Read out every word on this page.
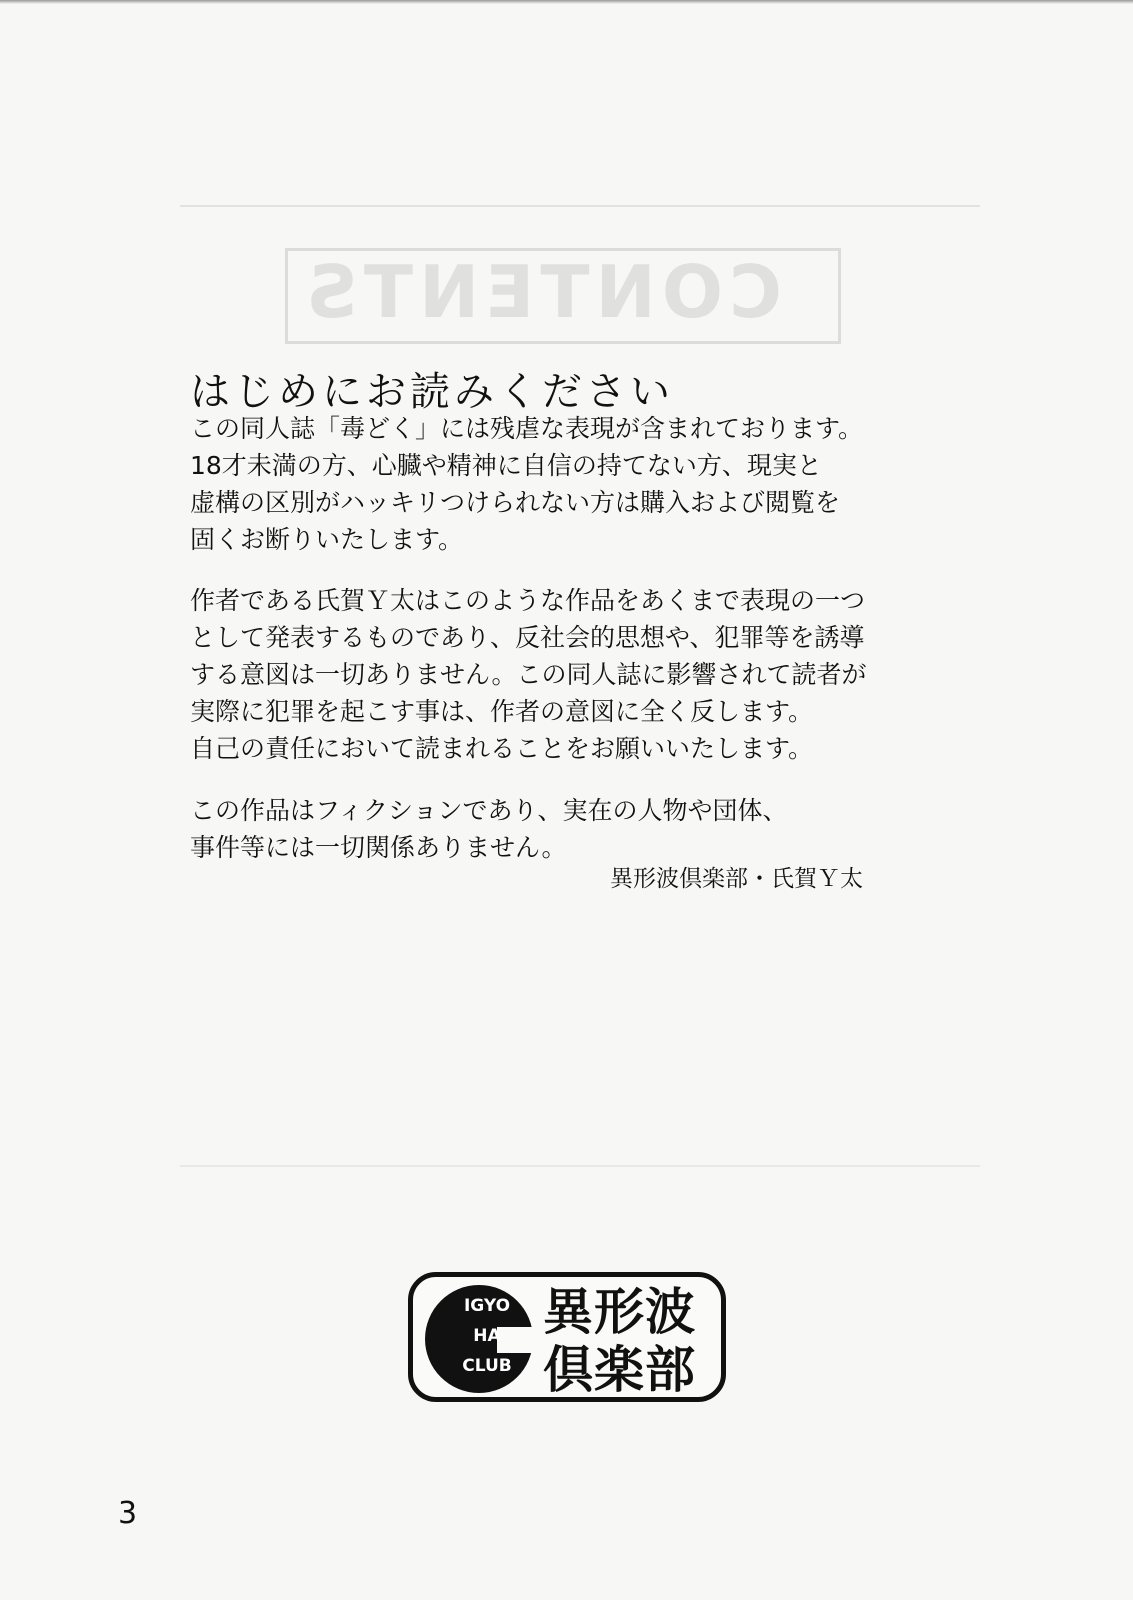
CONTENTS
はじめにお読みください
この同人誌「毒どく」には残虐な表現が含まれております。
18才未満の方、心臓や精神に自信の持てない方、現実と
虚構の区別がハッキリつけられない方は購入および閲覧を
固くお断りいたします。
作者である氏賀Ｙ太はこのような作品をあくまで表現の一つ
として発表するものであり、反社会的思想や、犯罪等を誘導
する意図は一切ありません。この同人誌に影響されて読者が
実際に犯罪を起こす事は、作者の意図に全く反します。
自己の責任において読まれることをお願いいたします。
この作品はフィクションであり、実在の人物や団体、
事件等には一切関係ありません。
異形波倶楽部・氏賀Ｙ太
IGYO
HA
CLUB
異形波
倶楽部
3
